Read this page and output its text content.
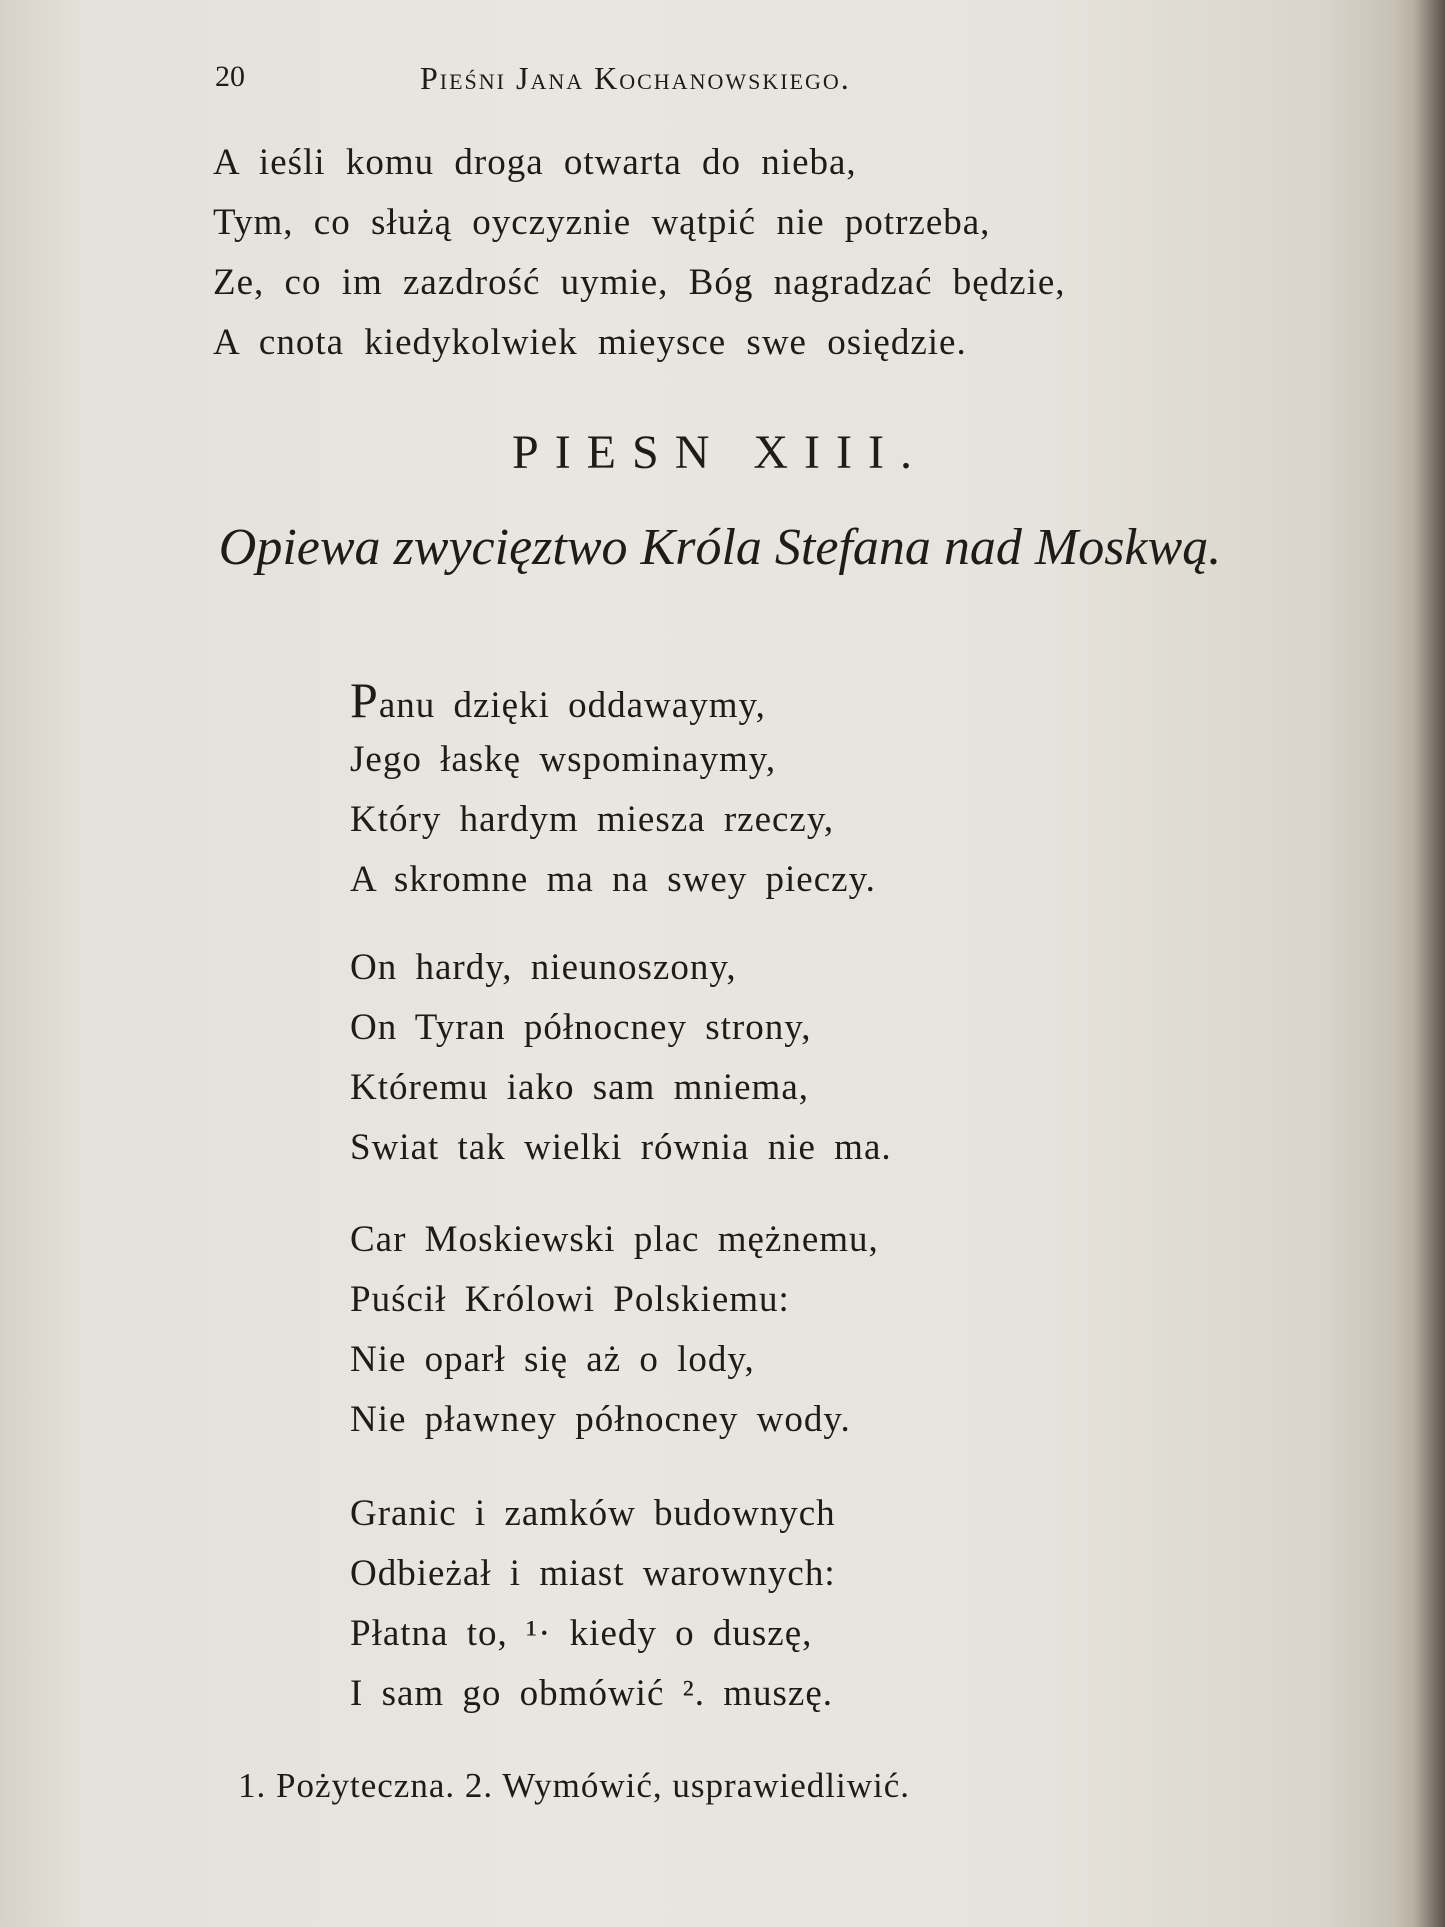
20	Pieśni Jana Kochanowskiego.
A ieśli komu droga otwarta do nieba,
Tym, co służą oyczyznie wątpić nie potrzeba,
Ze, co im zazdrość uymie, Bóg nagradzać będzie,
A cnota kiedykolwiek mieysce swe osiędzie.
PIESN XIII.
Opiewa zwycięztwo Króla Stefana nad Moskwą.
Panu dzięki oddawaymy,
Jego łaskę wspominaymy,
Który hardym miesza rzeczy,
A skromne ma na swey pieczy.
On hardy, nieunoszony,
On Tyran północney strony,
Któremu iako sam mniema,
Swiat tak wielki równia nie ma.
Car Moskiewski plac mężnemu,
Puścił Królowi Polskiemu:
Nie oparł się aż o lody,
Nie pławney północney wody.
Granic i zamków budownych
Odbieżał i miast warownych:
Płatna to, ¹· kiedy o duszę,
I sam go obmówić ². muszę.
1. Pożyteczna. 2. Wymówić, usprawiedliwić.
